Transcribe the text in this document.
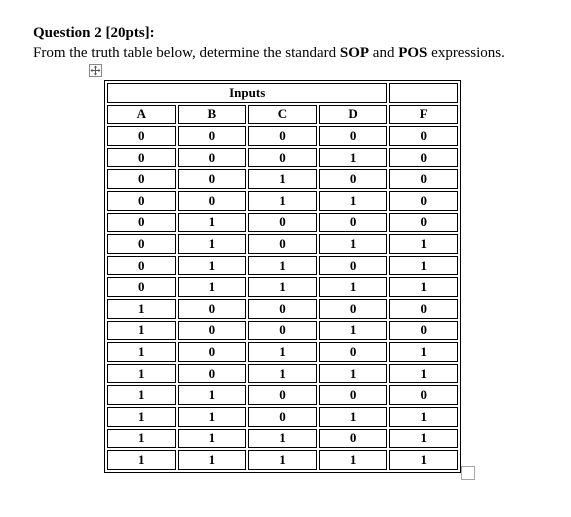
Question 2 [20pts]:

From the truth table below, determine the standard SOP and POS expressions.
Inputs				
A	B	C	D	F
0	0	0	0	0
0	0	0	1	0
0	0	1	0	0
0	0	1	1	0
0	1	0	0	0
0	1	0	1	1
0	1	1	0	1
0	1	1	1	1
1	0	0	0	0
1	0	0	1	0
1	0	1	0	1
1	0	1	1	1
1	1	0	0	0
1	1	0	1	1
1	1	1	0	1
1	1	1	1	1
